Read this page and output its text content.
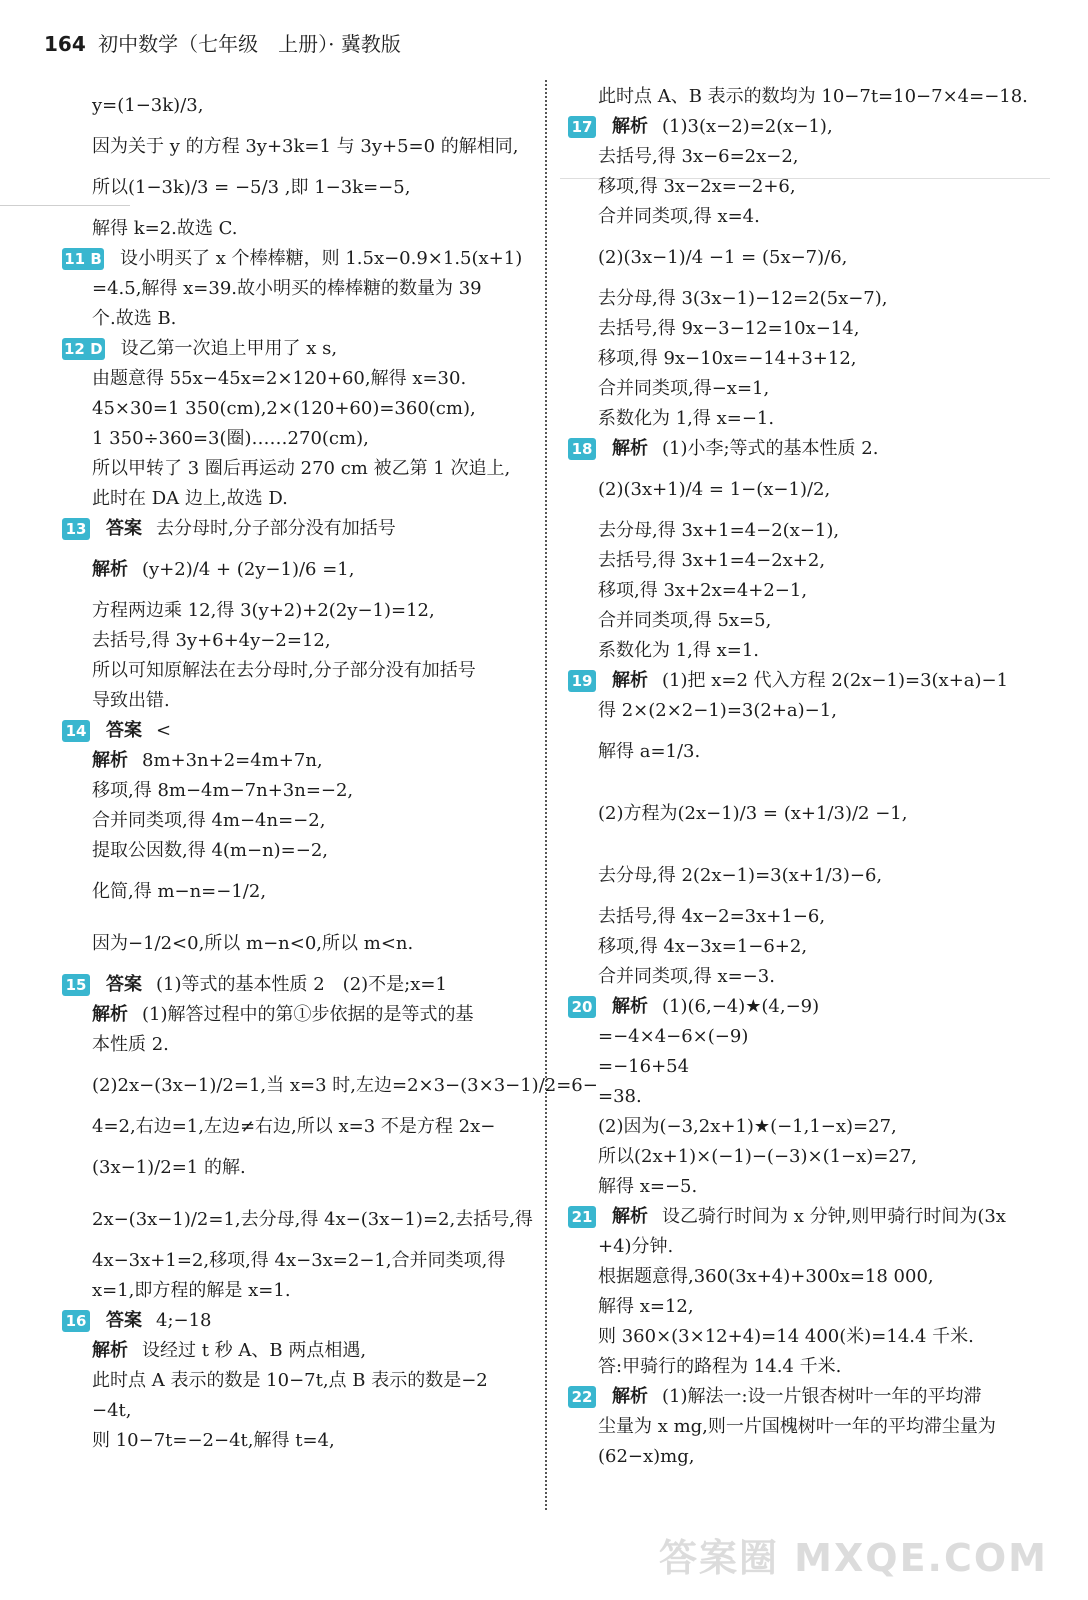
164 初中数学（七年级　上册）· 冀教版
y=(1−3k)/3,
因为关于 y 的方程 3y+3k=1 与 3y+5=0 的解相同,
所以(1−3k)/3 = −5/3 ,即 1−3k=−5,
解得 k=2.故选 C.
11 B 设小明买了 x 个棒棒糖，则 1.5x−0.9×1.5(x+1)
=4.5,解得 x=39.故小明买的棒棒糖的数量为 39
个.故选 B.
12 D 设乙第一次追上甲用了 x s,
由题意得 55x−45x=2×120+60,解得 x=30.
45×30=1 350(cm),2×(120+60)=360(cm),
1 350÷360=3(圈)……270(cm),
所以甲转了 3 圈后再运动 270 cm 被乙第 1 次追上,
此时在 DA 边上,故选 D.
13 答案 去分母时,分子部分没有加括号
解析 (y+2)/4 + (2y−1)/6 =1,
方程两边乘 12,得 3(y+2)+2(2y−1)=12,
去括号,得 3y+6+4y−2=12,
所以可知原解法在去分母时,分子部分没有加括号
导致出错.
14 答案 <
解析 8m+3n+2=4m+7n,
移项,得 8m−4m−7n+3n=−2,
合并同类项,得 4m−4n=−2,
提取公因数,得 4(m−n)=−2,
化简,得 m−n=−1/2,
因为−1/2<0,所以 m−n<0,所以 m<n.
15 答案 (1)等式的基本性质 2　(2)不是;x=1
解析 (1)解答过程中的第①步依据的是等式的基
本性质 2.
(2)2x−(3x−1)/2=1,当 x=3 时,左边=2×3−(3×3−1)/2=6−
4=2,右边=1,左边≠右边,所以 x=3 不是方程 2x−
(3x−1)/2=1 的解.
2x−(3x−1)/2=1,去分母,得 4x−(3x−1)=2,去括号,得
4x−3x+1=2,移项,得 4x−3x=2−1,合并同类项,得
x=1,即方程的解是 x=1.
16 答案 4;−18
解析 设经过 t 秒 A、B 两点相遇,
此时点 A 表示的数是 10−7t,点 B 表示的数是−2
−4t,
则 10−7t=−2−4t,解得 t=4,
此时点 A、B 表示的数均为 10−7t=10−7×4=−18.
17 解析 (1)3(x−2)=2(x−1),
去括号,得 3x−6=2x−2,
移项,得 3x−2x=−2+6,
合并同类项,得 x=4.
(2)(3x−1)/4 −1 = (5x−7)/6,
去分母,得 3(3x−1)−12=2(5x−7),
去括号,得 9x−3−12=10x−14,
移项,得 9x−10x=−14+3+12,
合并同类项,得−x=1,
系数化为 1,得 x=−1.
18 解析 (1)小李;等式的基本性质 2.
(2)(3x+1)/4 = 1−(x−1)/2,
去分母,得 3x+1=4−2(x−1),
去括号,得 3x+1=4−2x+2,
移项,得 3x+2x=4+2−1,
合并同类项,得 5x=5,
系数化为 1,得 x=1.
19 解析 (1)把 x=2 代入方程 2(2x−1)=3(x+a)−1
得 2×(2×2−1)=3(2+a)−1,
解得 a=1/3.
(2)方程为(2x−1)/3 = (x+1/3)/2 −1,
去分母,得 2(2x−1)=3(x+1/3)−6,
去括号,得 4x−2=3x+1−6,
移项,得 4x−3x=1−6+2,
合并同类项,得 x=−3.
20 解析 (1)(6,−4)★(4,−9)
=−4×4−6×(−9)
=−16+54
=38.
(2)因为(−3,2x+1)★(−1,1−x)=27,
所以(2x+1)×(−1)−(−3)×(1−x)=27,
解得 x=−5.
21 解析 设乙骑行时间为 x 分钟,则甲骑行时间为(3x
+4)分钟.
根据题意得,360(3x+4)+300x=18 000,
解得 x=12,
则 360×(3×12+4)=14 400(米)=14.4 千米.
答:甲骑行的路程为 14.4 千米.
22 解析 (1)解法一:设一片银杏树叶一年的平均滞
尘量为 x mg,则一片国槐树叶一年的平均滞尘量为
(62−x)mg,
答案圈 MXQE.COM
